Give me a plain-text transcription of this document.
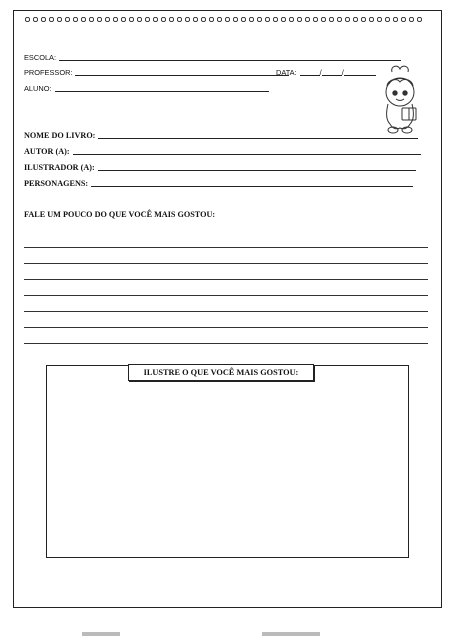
ESCOLA:
PROFESSOR:	DATA:	/	/
ALUNO:
NOME DO LIVRO:
AUTOR (A):
ILUSTRADOR (A):
PERSONAGENS:
FALE UM POUCO DO QUE VOCÊ MAIS GOSTOU:
ILUSTRE O QUE VOCÊ MAIS GOSTOU:
